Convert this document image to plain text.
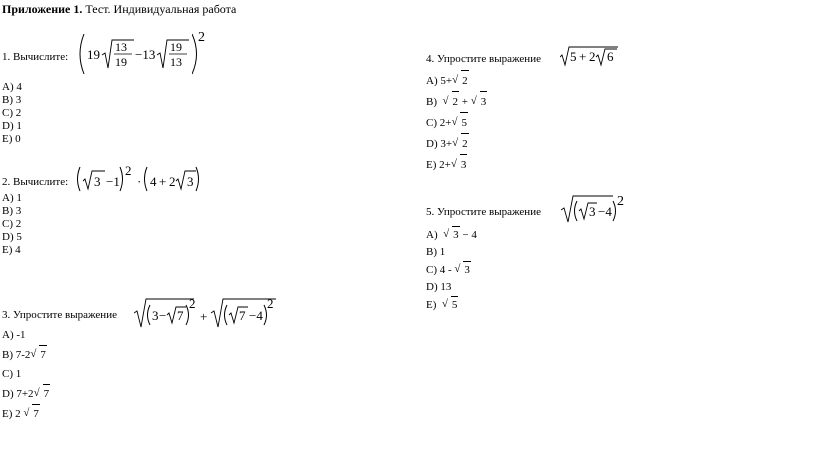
Приложение 1. Тест. Индивидуальная работа
1. Вычислите: 19 13
19 −13 19
13
2
A) 4
B) 3
C) 2
D) 1
E) 0
2. Вычислите: 3 −1
2
· 4 + 2 3
A) 1
B) 3
C) 2
D) 5
E) 4
3. Упростите выражение	3 − 7
2
+ 7 −4
2
A) -1
B) 7-2 √ 7
C) 1
D) 7+2 √ 7
E) 2 √ 7
4. Упростите выражение 5 + 2 6
A) 5+ √ 2
B) √ 2 + √ 3
C) 2+ √ 5
D) 3+ √ 2
E) 2+ √ 3
5. Упростите выражение	3 −4
2
A) √ 3 − 4
B) 1
C) 4 - √ 3
D) 13
E) √ 5
